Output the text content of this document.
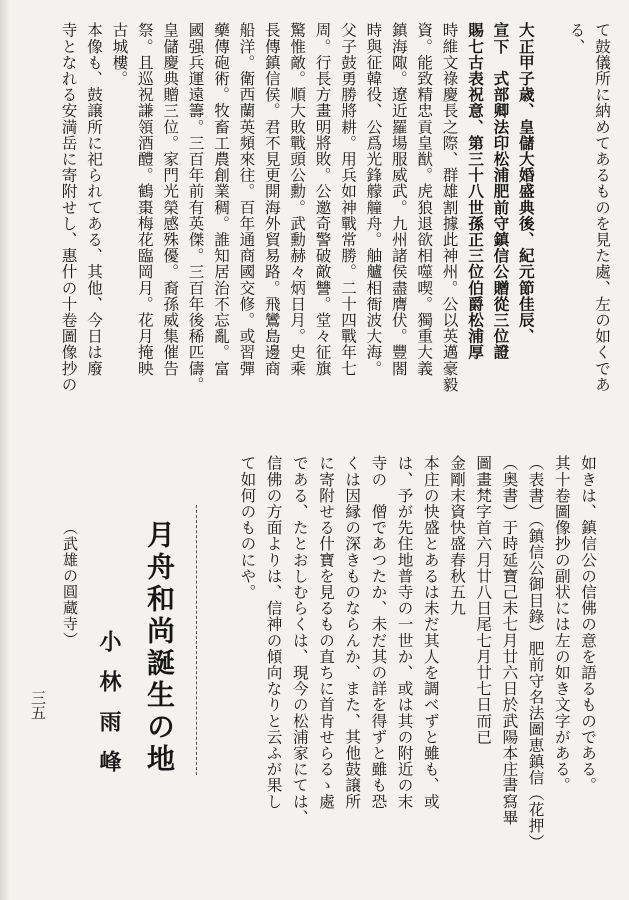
て鼓儀所に納めてあるものを見た處、左の如くであ
る、
大正甲子歳、皇儲大婚盛典後、紀元節佳辰、
宣下　式部卿法印松浦肥前守鎮信公贈從三位證
賜七古表祝意、第三十八世孫正三位伯爵松浦厚
時維文祿慶長之際、群雄割據此神州。公以英邁豪毅
資。能致精忠貢皇猷。虎狼退欲相噬喫。獨重大義
鎮海陬。遼近羅場服威武。九州諸侯盡膺伏。豐閤
時與征韓役、公爲光鋒艨艟舟。舳艫相衙波大海。
父子鼓勇勝將耕。用兵如神戰常勝。二十四戰年七
周。行長方畫明將敗。公邀奇警破敵讐。堂々征旗
驚惟敵。順大敗戰頭公勳。武勳赫々炳日月。史乘
長傳鎮信侯。君不見更開海外貿易路。飛鸞島邊商
船洋。衛西蘭英頻來往。百年通商國交修。或習彈
藥傳砲術。牧畜工農創業稠。誰知居治不忘亂。富
國强兵運遠籌。三百年前有英傑。三百年後稀匹儔。
皇儲慶典贈三位。家門光榮感殊優。裔孫威集催告
祭。且巡祝謙領酒醴。鶴棗梅花臨岡月。花月掩映
古城樓。
本像も、鼓譲所に祀られてある、其他、今日は廢
寺となれる安満岳に寄附せし、惠什の十卷圖像抄の
如きは、鎮信公の信佛の意を語るものである。
其十卷圖像抄の副状には左の如き文字がある。
（表書）（鎮信公御目錄）肥前守名法圖恵鎮信（花押）
（奥書）于時延寶己未七月廿六日於武陽本庄書寫畢
圖畫梵字首六月廿八日尾七月廿七日而已
金剛末資快盛春秋五九
本庄の快盛とあるは未だ其人を調べずと雖も、或
は、予が先住地普寺の一世か、或は其の附近の末
寺の　僧であつたか、未だ其の詳を得ずと雖も恐
くは因縁の深きものならんか、また、其他鼓譲所
に寄附せる什寶を見るもの直ちに首肯せらるゝ處
である、たとおしむらくは、現今の松浦家にては、
信佛の方面よりは、信神の傾向なりと云ふが果し
て如何のものにや。
月舟和尚誕生の地
小林雨峰
（武雄の圓蔵寺）
三五
